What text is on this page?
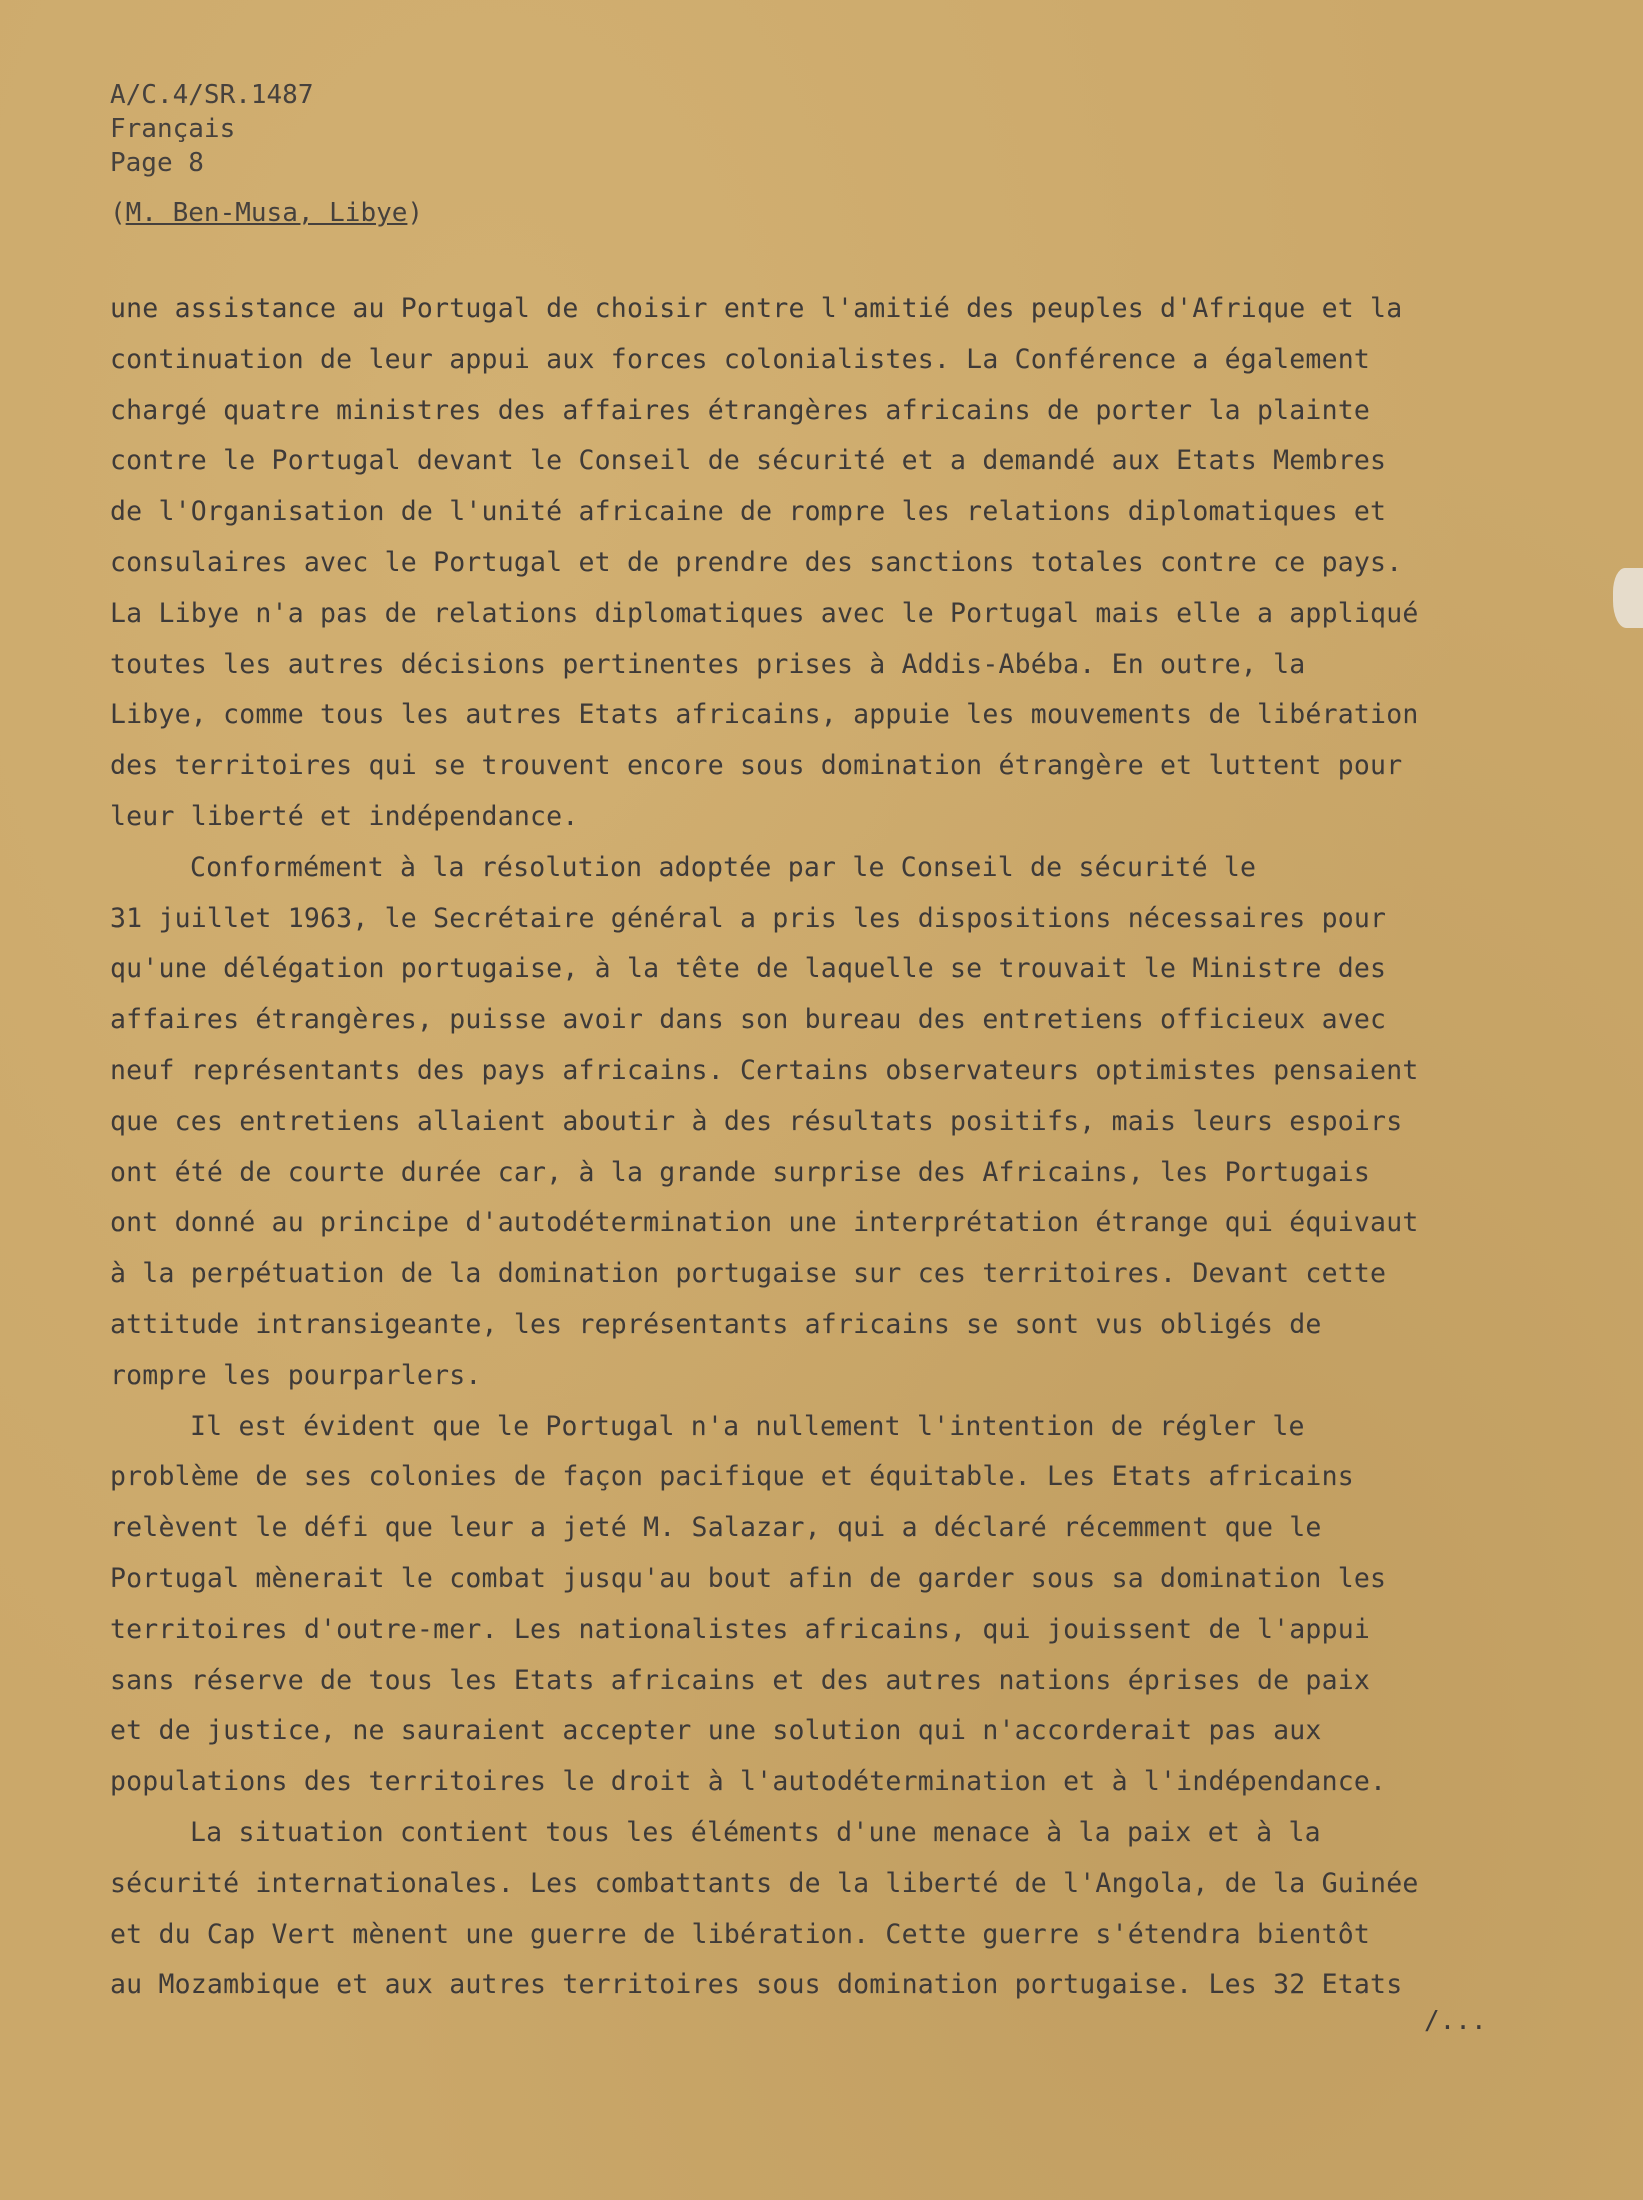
A/C.4/SR.1487
Français
Page 8
(M. Ben-Musa, Libye)
une assistance au Portugal de choisir entre l'amitié des peuples d'Afrique et la
continuation de leur appui aux forces colonialistes. La Conférence a également
chargé quatre ministres des affaires étrangères africains de porter la plainte
contre le Portugal devant le Conseil de sécurité et a demandé aux Etats Membres
de l'Organisation de l'unité africaine de rompre les relations diplomatiques et
consulaires avec le Portugal et de prendre des sanctions totales contre ce pays.
La Libye n'a pas de relations diplomatiques avec le Portugal mais elle a appliqué
toutes les autres décisions pertinentes prises à Addis-Abéba. En outre, la
Libye, comme tous les autres Etats africains, appuie les mouvements de libération
des territoires qui se trouvent encore sous domination étrangère et luttent pour
leur liberté et indépendance.
Conformément à la résolution adoptée par le Conseil de sécurité le
31 juillet 1963, le Secrétaire général a pris les dispositions nécessaires pour
qu'une délégation portugaise, à la tête de laquelle se trouvait le Ministre des
affaires étrangères, puisse avoir dans son bureau des entretiens officieux avec
neuf représentants des pays africains. Certains observateurs optimistes pensaient
que ces entretiens allaient aboutir à des résultats positifs, mais leurs espoirs
ont été de courte durée car, à la grande surprise des Africains, les Portugais
ont donné au principe d'autodétermination une interprétation étrange qui équivaut
à la perpétuation de la domination portugaise sur ces territoires. Devant cette
attitude intransigeante, les représentants africains se sont vus obligés de
rompre les pourparlers.
Il est évident que le Portugal n'a nullement l'intention de régler le
problème de ses colonies de façon pacifique et équitable. Les Etats africains
relèvent le défi que leur a jeté M. Salazar, qui a déclaré récemment que le
Portugal mènerait le combat jusqu'au bout afin de garder sous sa domination les
territoires d'outre-mer. Les nationalistes africains, qui jouissent de l'appui
sans réserve de tous les Etats africains et des autres nations éprises de paix
et de justice, ne sauraient accepter une solution qui n'accorderait pas aux
populations des territoires le droit à l'autodétermination et à l'indépendance.
La situation contient tous les éléments d'une menace à la paix et à la
sécurité internationales. Les combattants de la liberté de l'Angola, de la Guinée
et du Cap Vert mènent une guerre de libération. Cette guerre s'étendra bientôt
au Mozambique et aux autres territoires sous domination portugaise. Les 32 Etats
/...
